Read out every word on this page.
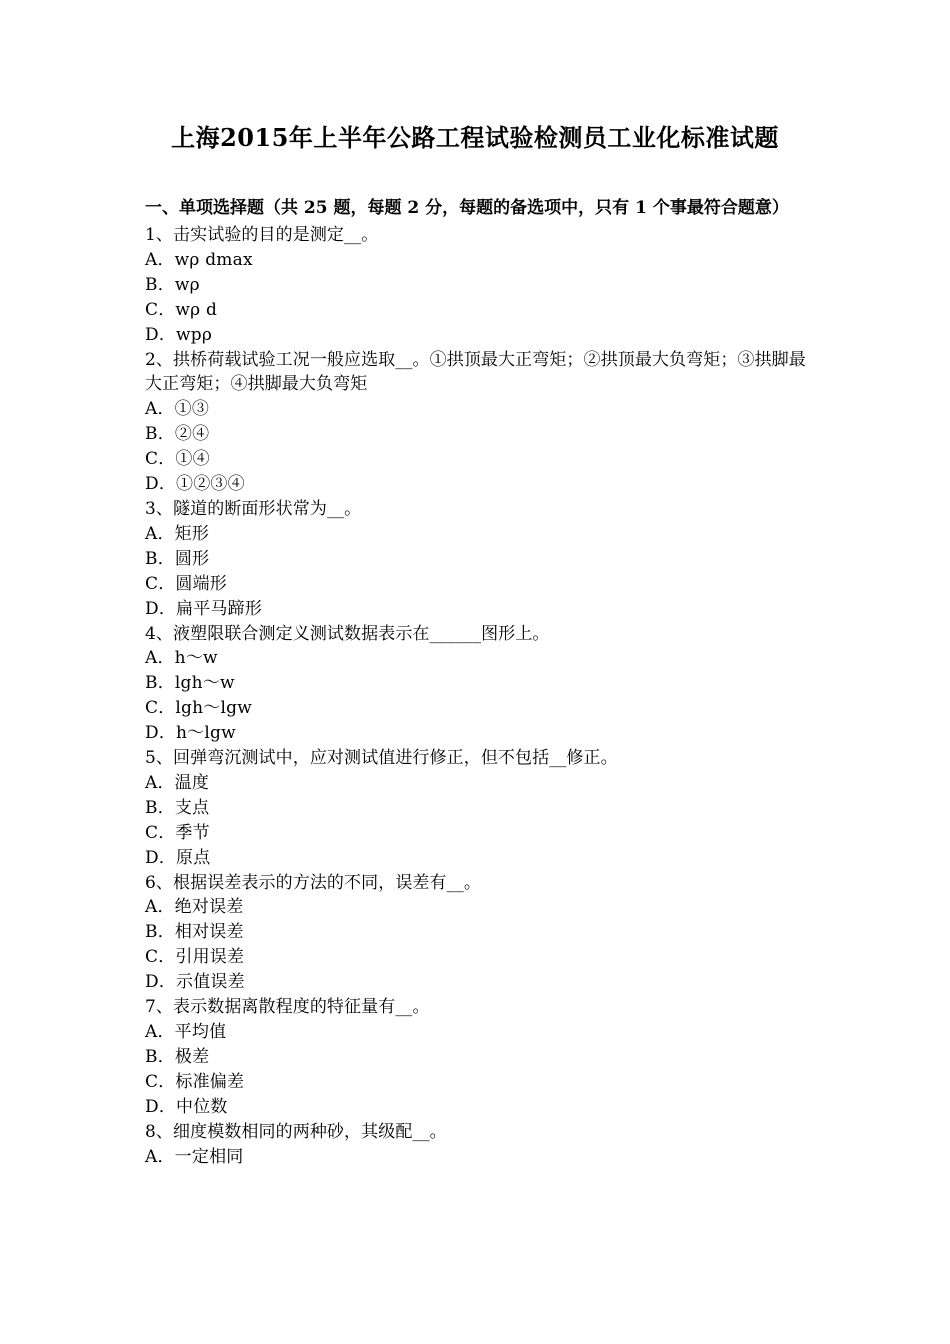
上海2015年上半年公路工程试验检测员工业化标准试题
一、单项选择题（共 25 题，每题 2 分，每题的备选项中，只有 1 个事最符合题意）
1、击实试验的目的是测定__。
A．wρ dmax
B．wρ
C．wρ d
D．wpρ
2、拱桥荷载试验工况一般应选取__。①拱顶最大正弯矩；②拱顶最大负弯矩；③拱脚最大正弯矩；④拱脚最大负弯矩
A．①③
B．②④
C．①④
D．①②③④
3、隧道的断面形状常为__。
A．矩形
B．圆形
C．圆端形
D．扁平马蹄形
4、液塑限联合测定义测试数据表示在______图形上。
A．h～w
B．lgh～w
C．lgh～lgw
D．h～lgw
5、回弹弯沉测试中，应对测试值进行修正，但不包括__修正。
A．温度
B．支点
C．季节
D．原点
6、根据误差表示的方法的不同，误差有__。
A．绝对误差
B．相对误差
C．引用误差
D．示值误差
7、表示数据离散程度的特征量有__。
A．平均值
B．极差
C．标准偏差
D．中位数
8、细度模数相同的两种砂，其级配__。
A．一定相同
